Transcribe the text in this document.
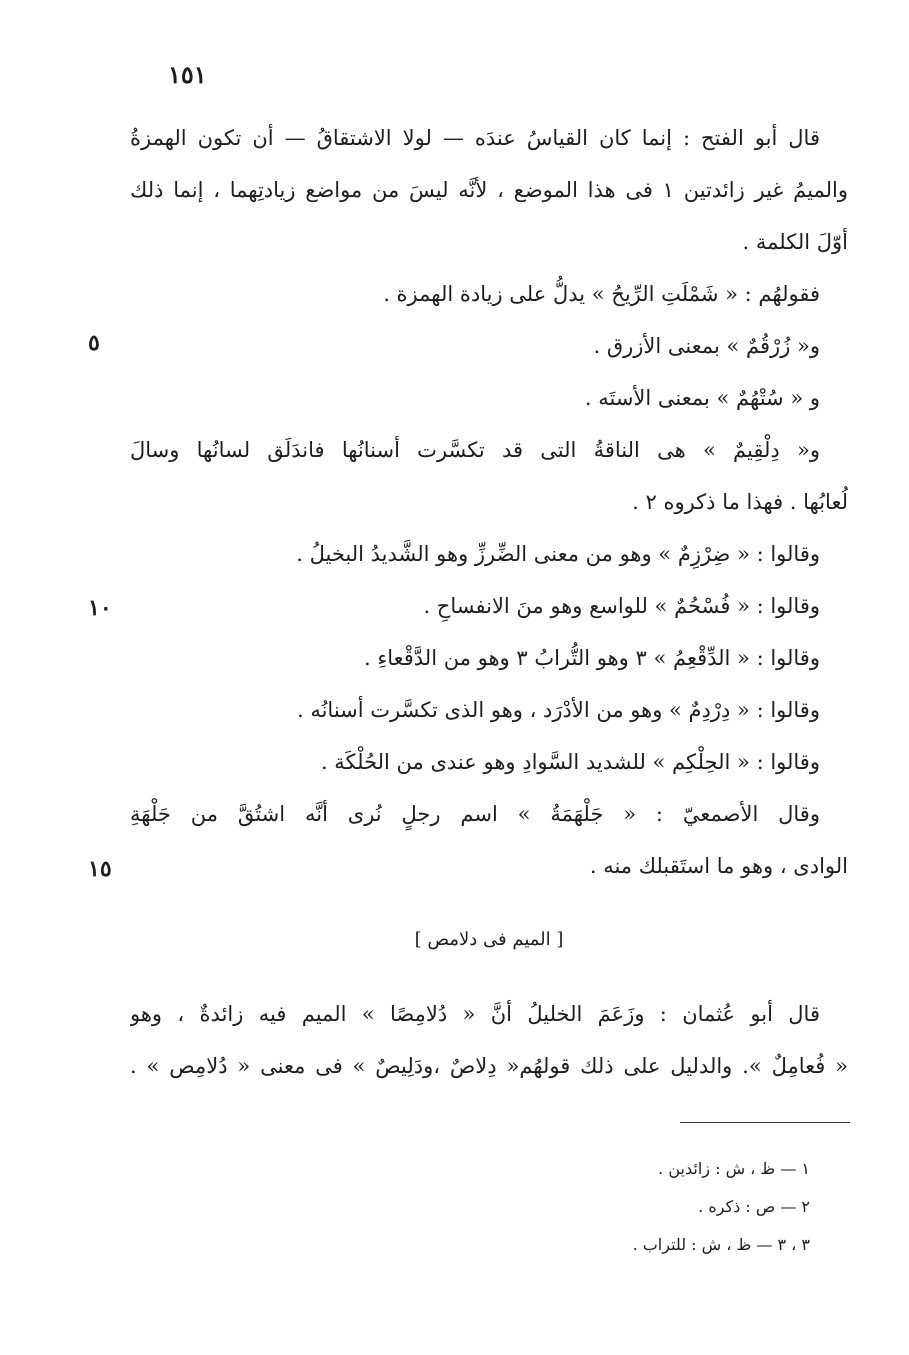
١٥١
قال أبو الفتح : إنما كان القياسُ عندَه — لولا الاشتقاقُ — أن تكون الهمزةُ
والميمُ غير زائدتين ١ فى هذا الموضع ، لأنَّه ليسَ من مواضع زيادتِهما ، إنما ذلك
أوّلَ الكلمة .
فقولهُم : « شَمْلَتِ الرِّيحُ » يدلُّ على زيادة الهمزة .
و« زُرْقُمٌ » بمعنى الأزرق .
و « سُتْهُمٌ » بمعنى الأستَه .
و« دِلْقِيمٌ » هى الناقةُ التى قد تكسَّرت أسنانُها فاندَلَق لسانُها وسالَ
لُعابُها . فهذا ما ذكروه ٢ .
وقالوا : « ضِرْزِمٌ » وهو من معنى الضِّرزِّ وهو الشَّديدُ البخيلُ .
وقالوا : « فُسْحُمٌ » للواسع وهو منَ الانفساحِ .
وقالوا : « الدِّقْعِمُ » ٣ وهو التُّرابُ ٣ وهو من الدَّقْعاءِ .
وقالوا : « دِرْدِمٌ » وهو من الأدْرَد ، وهو الذى تكسَّرت أسنانُه .
وقالوا : « الحِلْكِم » للشديد السَّوادِ وهو عندى من الحُلْكَة .
وقال الأصمعيّ : « جَلْهَمَةُ » اسم رجلٍ نُرى أنَّه اشتُقَّ من جَلْهَةِ
الوادى ، وهو ما استَقبلك منه .
٥
١٠
١٥
[ الميم فى دلامص ]
قال أبو عُثمان : وزَعَمَ الخليلُ أنَّ « دُلامِصًا » الميم فيه زائدةٌ ، وهو
« فُعامِلٌ ». والدليل على ذلك قولهُم« دِلاصٌ ،ودَلِيصٌ » فى معنى « دُلامِص » .
١ — ظ ، ش : زائدين .
٢ — ص : ذكره .
٣ ، ٣ — ظ ، ش : للتراب .
